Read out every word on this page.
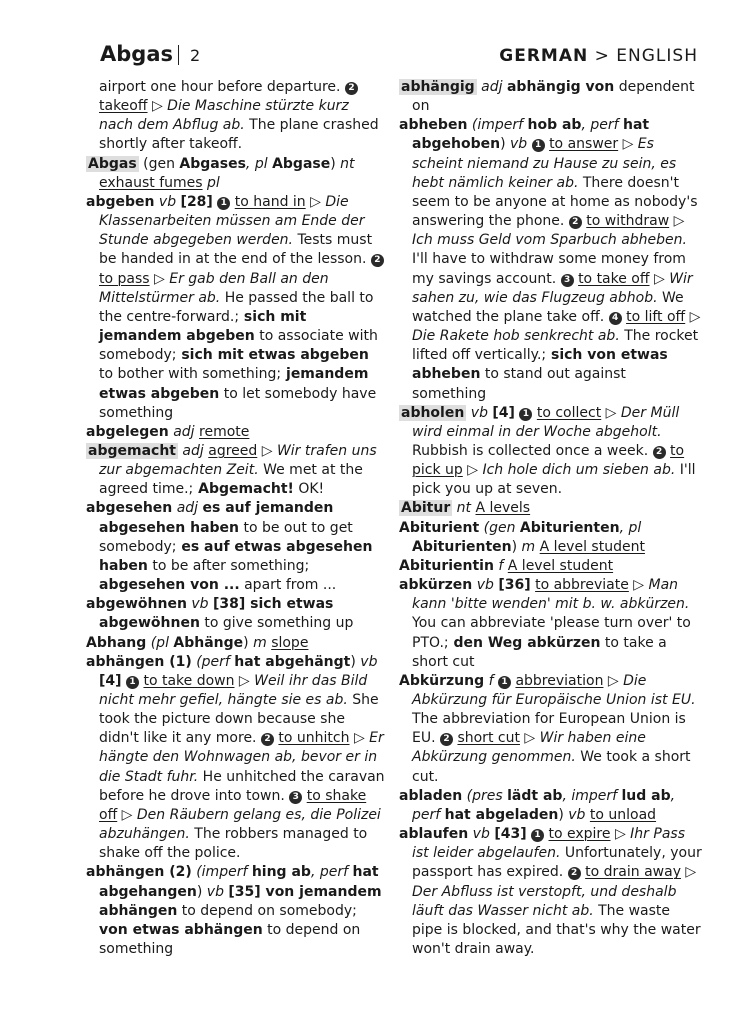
Abgas 2	GERMAN > ENGLISH
airport one hour before departure. 2 takeoff ▷ Die Maschine stürzte kurz nach dem Abflug ab. The plane crashed shortly after takeoff.
Abgas (gen Abgases, pl Abgase) nt exhaust fumes pl
abgeben vb [28] 1 to hand in ▷ Die Klassenarbeiten müssen am Ende der Stunde abgegeben werden. Tests must be handed in at the end of the lesson. 2 to pass ▷ Er gab den Ball an den Mittelstürmer ab. He passed the ball to the centre-forward.; sich mit jemandem abgeben to associate with somebody; sich mit etwas abgeben to bother with something; jemandem etwas abgeben to let somebody have something
abgelegen adj remote
abgemacht adj agreed ▷ Wir trafen uns zur abgemachten Zeit. We met at the agreed time.; Abgemacht! OK!
abgesehen adj es auf jemanden abgesehen haben to be out to get somebody; es auf etwas abgesehen haben to be after something; abgesehen von ... apart from ...
abgewöhnen vb [38] sich etwas abgewöhnen to give something up
Abhang (pl Abhänge) m slope
abhängen (1) (perf hat abgehängt) vb [4] 1 to take down ▷ Weil ihr das Bild nicht mehr gefiel, hängte sie es ab. She took the picture down because she didn't like it any more. 2 to unhitch ▷ Er hängte den Wohnwagen ab, bevor er in die Stadt fuhr. He unhitched the caravan before he drove into town. 3 to shake off ▷ Den Räubern gelang es, die Polizei abzuhängen. The robbers managed to shake off the police.
abhängen (2) (imperf hing ab, perf hat abgehangen) vb [35] von jemandem abhängen to depend on somebody; von etwas abhängen to depend on something
abhängig adj abhängig von dependent on
abheben (imperf hob ab, perf hat abgehoben) vb 1 to answer ▷ Es scheint niemand zu Hause zu sein, es hebt nämlich keiner ab. There doesn't seem to be anyone at home as nobody's answering the phone. 2 to withdraw ▷ Ich muss Geld vom Sparbuch abheben. I'll have to withdraw some money from my savings account. 3 to take off ▷ Wir sahen zu, wie das Flugzeug abhob. We watched the plane take off. 4 to lift off ▷ Die Rakete hob senkrecht ab. The rocket lifted off vertically.; sich von etwas abheben to stand out against something
abholen vb [4] 1 to collect ▷ Der Müll wird einmal in der Woche abgeholt. Rubbish is collected once a week. 2 to pick up ▷ Ich hole dich um sieben ab. I'll pick you up at seven.
Abitur nt A levels
Abiturient (gen Abiturienten, pl Abiturienten) m A level student
Abiturientin f A level student
abkürzen vb [36] to abbreviate ▷ Man kann 'bitte wenden' mit b. w. abkürzen. You can abbreviate 'please turn over' to PTO.; den Weg abkürzen to take a short cut
Abkürzung f 1 abbreviation ▷ Die Abkürzung für Europäische Union ist EU. The abbreviation for European Union is EU. 2 short cut ▷ Wir haben eine Abkürzung genommen. We took a short cut.
abladen (pres lädt ab, imperf lud ab, perf hat abgeladen) vb to unload
ablaufen vb [43] 1 to expire ▷ Ihr Pass ist leider abgelaufen. Unfortunately, your passport has expired. 2 to drain away ▷ Der Abfluss ist verstopft, und deshalb läuft das Wasser nicht ab. The waste pipe is blocked, and that's why the water won't drain away.
